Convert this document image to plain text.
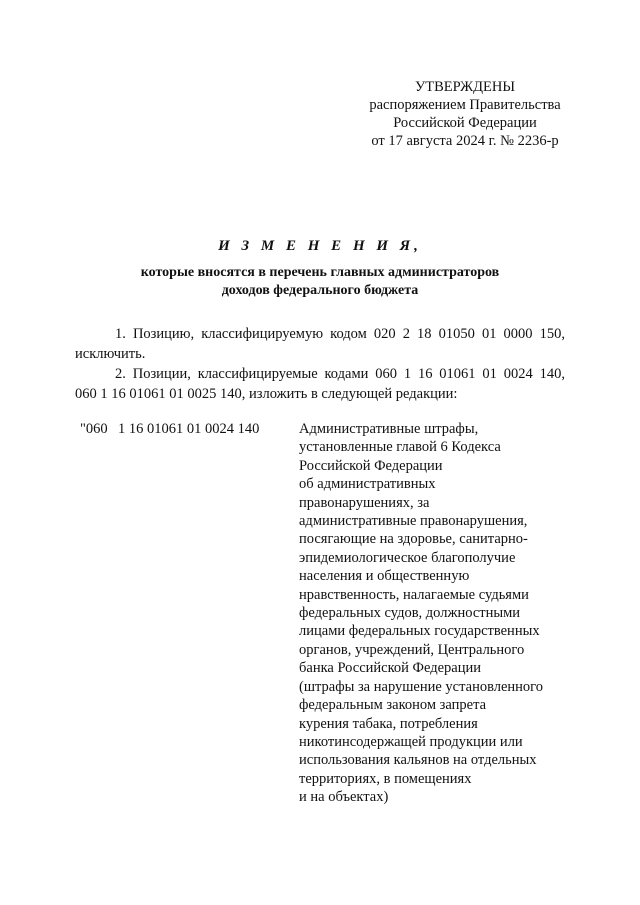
УТВЕРЖДЕНЫ
распоряжением Правительства
Российской Федерации
от 17 августа 2024 г. № 2236-р
И З М Е Н Е Н И Я,
которые вносятся в перечень главных администраторов
доходов федерального бюджета
1. Позицию, классифицируемую кодом 020 2 18 01050 01 0000 150,
исключить.
2. Позиции, классифицируемые кодами 060 1 16 01061 01 0024 140,
060 1 16 01061 01 0025 140, изложить в следующей редакции:
"060 1 16 01061 01 0024 140	Административные штрафы,
установленные главой 6 Кодекса
Российской Федерации
об административных
правонарушениях, за
административные правонарушения,
посягающие на здоровье, санитарно-
эпидемиологическое благополучие
населения и общественную
нравственность, налагаемые судьями
федеральных судов, должностными
лицами федеральных государственных
органов, учреждений, Центрального
банка Российской Федерации
(штрафы за нарушение установленного
федеральным законом запрета
курения табака, потребления
никотинсодержащей продукции или
использования кальянов на отдельных
территориях, в помещениях
и на объектах)
